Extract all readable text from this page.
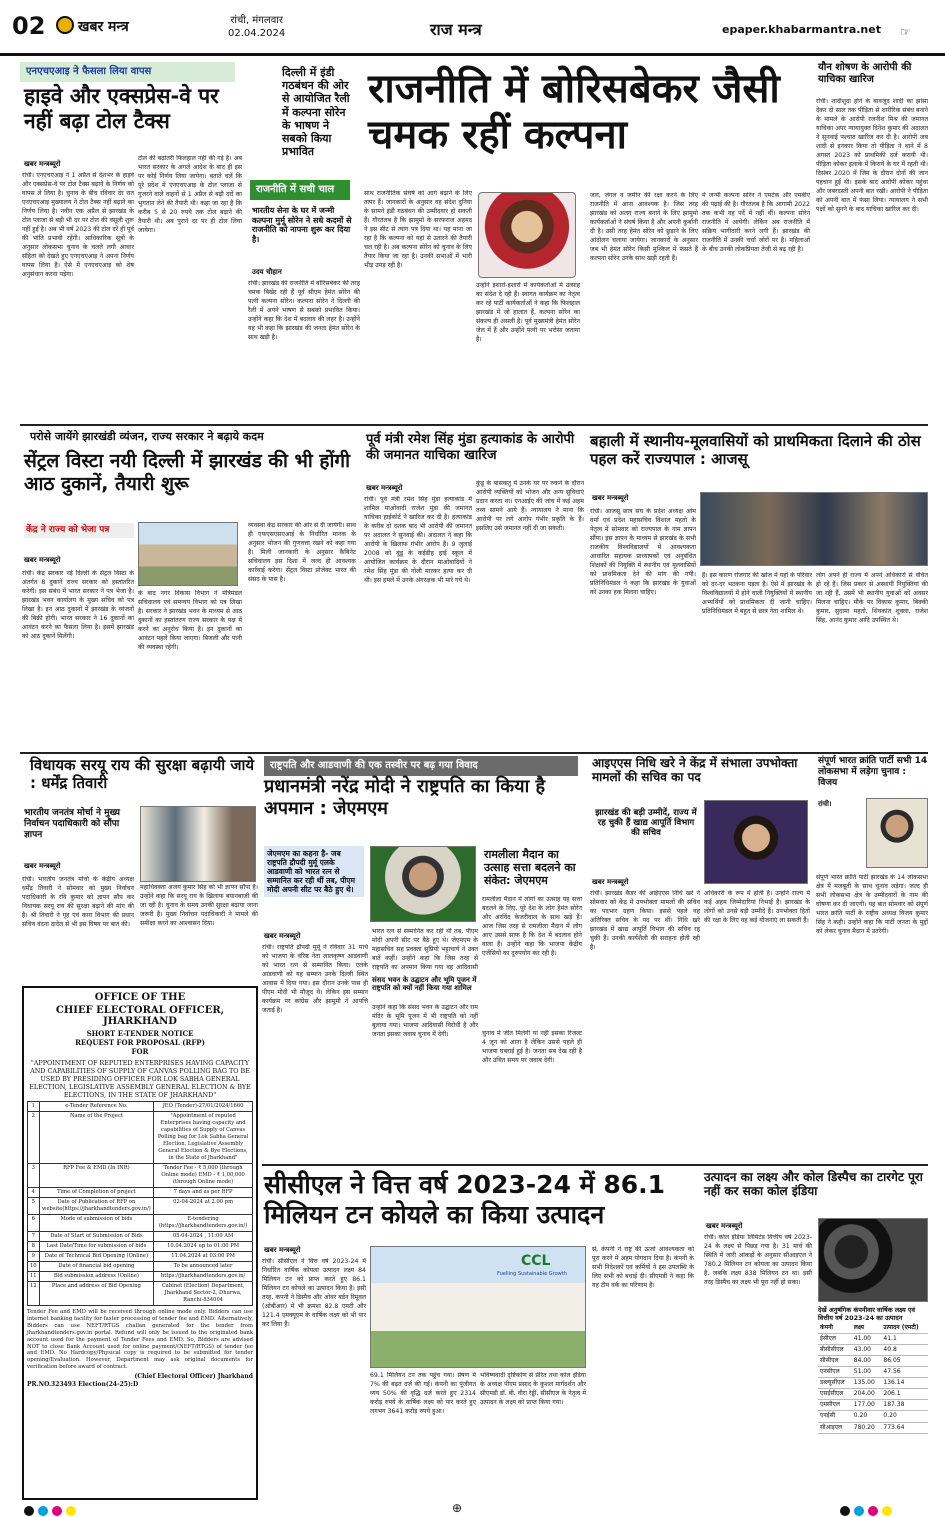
02 खबर मन्त्र	रांची, मंगलवार
02.04.2024	राज मन्त्र	epaper.khabarmantra.net ☞
एनएचएआइ ने फैसला लिया वापस
हाइवे और एक्सप्रेस-वे पर नहीं बढ़ा टोल टैक्स
खबर मन्त्रब्यूरो
रांची। एनएचएआइ ने 1 अप्रैल से देशभर के हाइवे और एक्सप्रेस-वे पर टोल टैक्स बढ़ाने के निर्णय को वापस ले लिया है। चुनाव के बीच रविवार देर रात एनएचएआइ मुख्यालय ने टोल टैक्स नहीं बढ़ाने का निर्णय लिया है। नवीन एक अप्रैल से झारखंड के टोल प्लाजा से बड़ी भी दर पर टोल की वसूली शुरू नहीं हुई है। अब भी वर्ष 2023 की टोल दरें ही पूर्व की भांति प्रभावी रहेंगी। आधिकारिक सूत्रों के अनुसार लोकसभा चुनाव के चलते लगी आचार संहिता को देखते हुए एनएचएआइ ने अपना निर्णय वापस लिया है। ऐसे में एनएचएआइ को शेष अनुसंधान करना पड़ेगा।
टोल की बढ़ोतरी फिलहाल नहीं की गई है। अब भारत सरकार के अगले आदेश के बाद ही इस पर कोई निर्णय लिया जायेगा। बताते चलें कि पूरे प्रदेश में एनएचएआइ के टोल प्लाजा से गुजरने वाले वाहनों से 1 अप्रैल से बढ़ी दरों का भुगतान लेने की तैयारी थी। कहा जा रहा है कि करीब 5 से 20 रुपये तक टोल बढ़ाने की तैयारी थी। अब पुराने दर पर ही टोल लिया जायेगा।
दिल्ली में इंडी गठबंधन की ओर से आयोजित रैली में कल्पना सोरेन के भाषण ने सबको किया प्रभावित
राजनीति में सधी चाल
भारतीय सेना के घर में जन्मी कल्पना मुर्मू सोरेन ने सधे कदमों से राजनीति को नापना शुरू कर दिया है।
उदय चौहान
रांची। झारखंड की राजनीति में बोरिसबेकर की तरह चमक बिखेर रही हैं पूर्व सीएम हेमंत सोरेन की पत्नी कल्पना सोरेन। कल्पना सोरेन ने दिल्ली की रैली में अपने भाषण से सबको प्रभावित किया। उन्होंने कहा कि देश में बदलाव की लहर है। उन्होंने यह भी कहा कि झारखंड की जनता हेमंत सोरेन के साथ खड़ी है।
राजनीति में बोरिसबेकर जैसी चमक रहीं कल्पना
साथ राजनीतिक संघर्ष को आगे बढ़ाने के लिए तत्पर हैं। जानकारों के अनुसार वह संदेश दुनिया के सामने इंडी गठबंधन की उम्मीदवार हो सकती हैं। गौरतलब है कि झामुमो के सरफराज अहमद ने इस सीट से त्याग पत्र दिया था। यह माना जा रहा है कि कल्पना को यहां से उतारने की तैयारी चल रही है। अब कल्पना सोरेन को चुनाव के लिए तैयार किया जा रहा है। उनकी सभाओं में भारी भीड़ उमड़ रही है।
उन्होंने इशारों-इशारों में कार्यकर्ताओं में उत्साह का संदेश दे रही हैं। स्वागत कार्यक्रम का नेतृत्व कर रहे पार्टी कार्यकर्ताओं ने कहा कि फिलहाल झारखंड में जो हालात हैं, कल्पना सोरेन का संकल्प ही असली है। पूर्व मुख्यमंत्री हेमंत सोरेन जेल में हैं और उन्होंने पत्नी पर भरोसा जताया है।
जल, जंगल व जमीन की रक्षा करने के लिए राजनीति में आना आवश्यक है। जिस तरह झारखंड को अलग राज्य बनाने के लिए झामुमो कार्यकर्ताओं ने संघर्ष किया है और अपनी कुर्बानी दी है। उसी तरह हेमंत सोरेन को छुड़ाने के लिए आंदोलन चलाया जायेगा। जानकारों के अनुसार जब भी हेमंत सोरेन किसी मुश्किल में फंसते हैं कल्पना सोरेन उनके साथ खड़ी रहती हैं।
में जन्मी कल्पना सोरेन ने एमटेक और एमबीए की पढ़ाई की है। गौरतलब है कि आगामी 2022 तक कभी वह पर्दे में नहीं थीं। कल्पना सोरेन राजनीति में आयेंगी। लेकिन अब राजनीति में सक्रिय भागीदारी करने लगी हैं। झारखंड की राजनीति में उनकी चर्चा जोरों पर है। महिलाओं के बीच उनकी लोकप्रियता तेजी से बढ़ रही है।
यौन शोषण के आरोपी की याचिका खारिज
रांची। शादीशुदा होने के बावजूद शादी का झांसा देकर दो साल तक पीड़िता से शारीरिक संबंध बनाने के मामले के आरोपी रजनीश मिश्र की जमानत याचिका अपर न्यायायुक्त दिनेश कुमार की अदालत ने सुनवाई पश्चात खारिज कर दी है। आरोपी जब शादी से इनकार किया तो पीड़िता ने थाने में 8 अगस्त 2023 को प्राथमिकी दर्ज करायी थी। पीड़िता कोकर इलाके में किराये के घर में रहती थी। दिसंबर 2020 में जिम के दौरान दोनों की जान पहचान हुई थी। इसके बाद आरोपी कोकर पहुंचा और जबरदस्ती अपनी बात रखी। आरोपी ने पीड़िता को अपनी बात में फंसा लिया। न्यायालय ने सभी पक्षों को सुनने के बाद याचिका खारिज कर दी।
परोसे जायेंगे झारखंडी व्यंजन, राज्य सरकार ने बढ़ाये कदम
सेंट्रल विस्टा नयी दिल्ली में झारखंड की भी होंगी आठ दुकानें, तैयारी शुरू
केंद्र ने राज्य को भेजा पत्र
खबर मन्त्रब्यूरो
रांची। केंद्र सरकार नई दिल्ली के सेंट्रल विस्टा के अंतर्गत 8 दुकानें राज्य सरकार को हस्तांतरित करेगी। इस संबंध में भारत सरकार ने पत्र भेजा है। झारखंड भवन कार्यालय के मुख्य सचिव को पत्र लिखा है। इन आठ दुकानों में झारखंड के व्यंजनों की बिक्री होगी। भारत सरकार ने 16 दुकानों का आवंटन करने का फैसला लिया है। इसमें झारखंड को आठ दुकानें मिलेंगी।
के बाद नगर विकास विभाग ने मंत्रिमंडल सचिवालय एवं समन्वय विभाग को पत्र लिखा है। सरकार ने झारखंड भवन के माध्यम से आठ दुकानों का हस्तांतरण राज्य सरकार के पक्ष में करने का अनुरोध किया है। इन दुकानों का आवंटन पहले किया जाएगा। बिजली और पानी की व्यवस्था रहेगी।
व्यवस्था केंद्र सरकार की ओर से दी जायेगी। साथ ही एफएसएसएआई के निर्धारित मानक के अनुसार भोजन की गुणवत्ता रखने को कहा गया है। मिली जानकारी के अनुसार कैबिनेट सचिवालय इस दिशा में जल्द ही आवश्यक कार्रवाई करेगा। सेंट्रल विस्टा प्रोजेक्ट भारत की संसद के पास है।
पूर्व मंत्री रमेश सिंह मुंडा हत्याकांड के आरोपी की जमानत याचिका खारिज
खबर मन्त्रब्यूरो
रांची। पूर्व मंत्री रमेश सिंह मुंडा हत्याकांड में शामिल माओवादी राजेश मुंडा की जमानत याचिका हाईकोर्ट ने खारिज कर दी है। हत्याकांड के करीब दो दशक बाद भी आरोपी की जमानत पर अदालत ने सुनवाई की। अदालत ने कहा कि आरोपी के खिलाफ गंभीर आरोप हैं। 9 जुलाई 2008 को बुंडू के कईडीह हाई स्कूल में आयोजित कार्यक्रम के दौरान माओवादियों ने रमेश सिंह मुंडा की गोली मारकर हत्या कर दी थी। इस हमले में उनके अंगरक्षक भी मारे गये थे।
कुंडू के बासकतु में उनके घर पर रुकने के दौरान आरोपी व्यक्तियों को भोजन और अन्य सुविधाएं प्रदान करता था। एनआईए की जांच में कई अहम तथ्य सामने आये हैं। न्यायालय ने माना कि आरोपी पर लगे आरोप गंभीर प्रकृति के हैं। इसलिए उसे जमानत नहीं दी जा सकती।
बहाली में स्थानीय-मूलवासियों को प्राथमिकता दिलाने की ठोस पहल करें राज्यपाल : आजसू
खबर मन्त्रब्यूरो
रांची। आजसू छात्र संघ के प्रदेश अध्यक्ष ओम वर्मा एवं प्रदेश महासचिव विशाल महतो के नेतृत्व में सोमवार को राज्यपाल के नाम ज्ञापन सौंपा। इस ज्ञापन के माध्यम से झारखंड के सभी राजकीय विश्वविद्यालयों में आवश्यकता आधारित सहायक प्राध्यापकों एवं अनुबंधित शिक्षकों की नियुक्ति में स्थानीय एवं मूलवासियों को प्राथमिकता देने की मांग की गयी। प्रतिनिधिमंडल ने कहा कि झारखंड के युवाओं को उनका हक मिलना चाहिए।
हैं। इस कारण रोजगार की खोज में यहां के परिवार को दर-दर भटकना पड़ता है। ऐसे में झारखंड के विश्वविद्यालयों में होने वाली नियुक्तियों में स्थानीय अभ्यर्थियों को प्राथमिकता दी जानी चाहिए। प्रतिनिधिमंडल में बहुत से छात्र नेता शामिल थे।
लोग अपने ही राज्य में अपने अधिकारों से वंचित हो रहे हैं। जिस प्रकार से अस्थायी नियुक्तियां की जा रही हैं, उसमें भी स्थानीय युवाओं को अवसर मिलना चाहिए। मौके पर विकास कुमार, बिक्की कुमार, सुदामा महतो, शिवकांत शुक्ला, राजेश सिंह, आनंद कुमार आदि उपस्थित थे।
विधायक सरयू राय की सुरक्षा बढ़ायी जाये : धर्मेंद्र तिवारी
भारतीय जनतंत्र मोर्चा ने मुख्य निर्वाचन पदाधिकारी को सौंपा ज्ञापन
खबर मन्त्रब्यूरो
रांची। भारतीय जनतंत्र मोर्चा के केंद्रीय अध्यक्ष धर्मेंद्र तिवारी ने सोमवार को मुख्य निर्वाचन पदाधिकारी के रवि कुमार को ज्ञापन सौंप कर विधायक सरयू राय की सुरक्षा बढ़ाने की मांग की है। श्री तिवारी ने गृह एवं कारा विभाग की प्रधान सचिव वंदना दादेल से भी इस विषय पर बात की।
महाधिवक्ता अजय कुमार सिंह को भी ज्ञापन सौंपा है। उन्होंने कहा कि सरयू राय के खिलाफ बयानबाजी की जा रही है। चुनाव के समय उनकी सुरक्षा बढ़ाया जाना जरूरी है। मुख्य निर्वाचन पदाधिकारी ने मामले की समीक्षा करने का आश्वासन दिया।
OFFICE OF THE
CHIEF ELECTORAL OFFICER, JHARKHAND
SHORT E-TENDER NOTICE
REQUEST FOR PROPOSAL (RFP)
FOR
"APPOINTMENT OF REPUTED ENTERPRISES HAVING CAPACITY AND CAPABILITIES OF SUPPLY OF CANVAS POLLING BAG TO BE USED BY PRESIDING OFFICER FOR LOK SABHA GENERAL ELECTION, LEGISLATIVE ASSEMBLY GENERAL ELECTION & BYE ELECTIONS, IN THE STATE OF JHARKHAND"
1	e-Tender Reference No.	JEO (Tender)-27/01/2024/1660
2	Name of the Project	"Appointment of reputed Enterprises having capacity and capabilities of Supply of Canvas Polling bag for Lok Sabha General Election, Legislative Assembly General Election & Bye Elections, in the State of Jharkhand"
3	RFP Fee & EMD (In INR)	Tender Fee - ₹ 5,000 (through Online mode) EMD - ₹ 1,00,000 (through Online mode)
4	Time of Completion of project	7 days and as per RFP
5	Date of Publication of RFP on website(https://jharkhandtenders.gov.in/)	02-04-2024 at 2.00 pm
6	Mode of submission of bids	E-tendering (https://jharkhandtenders.gov.in/)
7	Date of Start of Submission of Bids	05-04-2024 , 11:00 AM
8	Last Date/Time for submission of bids	10.04.2024 up to 01:00 PM
9	Date of Technical Bid Opening (Online)	11.04.2024 at 03:00 PM
10	Date of financial bid opening	To be announced later
11	Bid submission address (Online)	https://jharkhandtenders.gov.in/
12	Place and address of Bid Opening	Cabinet (Election) Department, Jharkhand Sector-2, Dhurwa, Ranchi-834004
Tender Fee and EMD will be received through online mode only. Bidders can use internet banking facility for faster processing of tender fee and EMD. Alternatively, Bidders can use NEFT/RTGS challan generated for the tender from jharkhandtenders.gov.in portal. Refund will only be issued to the originated bank account used for the payment of Tender Fees and EMD. So, Bidders are advised NOT to close Bank Account used for online payment/(NEFT/RTGS) of tender fee and EMD. No Hardcopy/Physical copy is required to be submitted for tender opening/Evaluation. However, Department may ask original documents for verification before award of contract.
(Chief Electoral Officer) Jharkhand
PR.NO.323493 Election(24-25):D
राष्ट्रपति और आडवाणी की एक तस्वीर पर बढ़ गया विवाद
प्रधानमंत्री नरेंद्र मोदी ने राष्ट्रपति का किया है अपमान : जेएमएम
जेएमएम का कहना है- जब राष्ट्रपति द्रौपदी मुर्मू एलके आडवाणी को भारत रत्न से सम्मानित कर रही थीं तब, पीएम मोदी अपनी सीट पर बैठे हुए थे।
खबर मन्त्रब्यूरो
रांची। राष्ट्रपति द्रौपदी मुर्मू ने रविवार 31 मार्च को भाजपा के वरिष्ठ नेता लालकृष्ण आडवाणी को भारत रत्न से सम्मानित किया। एलके आडवाणी को यह सम्मान उनके दिल्ली स्थित आवास में दिया गया। इस दौरान उनके पास ही पीएम मोदी भी मौजूद थे। लेकिन इस सम्मान कार्यक्रम पर कांग्रेस और झामुमो ने आपत्ति जताई है।
भारत रत्न से सम्मानित कर रही थीं तब, पीएम मोदी अपनी सीट पर बैठे हुए थे। जेएमएम के महासचिव सह प्रवक्ता सुप्रियो भट्टाचार्य ने उक्त बातें कहीं। उन्होंने कहा कि जिस तरह से राष्ट्रपति का अपमान किया गया वह आदिवासी
संसद भवन के उद्घाटन और भूमि पूजन में राष्ट्रपति को क्यों नहीं किया गया शामिल
उन्होंने कहा कि संसद भवन के उद्घाटन और राम मंदिर के भूमि पूजन में भी राष्ट्रपति को नहीं बुलाया गया। भाजपा आदिवासी विरोधी है और जनता इसका जवाब चुनाव में देगी।
रामलीला मैदान का उत्साह सत्ता बदलने का संकेत: जेएमएम
रामलीला मैदान में लोगों का उत्साह यह सत्ता बदलने के लिए, पूरे देश के लोग हेमंत सोरेन और अरविंद केजरीवाल के साथ खड़े हैं। आज जिस तरह से रामलीला मैदान में लोग आए उससे साफ है कि देश में बदलाव होने वाला है। उन्होंने कहा कि भाजपा केंद्रीय एजेंसियों का दुरुपयोग कर रही है।
चुनाव में जीत मिलेगी या नहीं इसका रिजल्ट 4 जून को आना है लेकिन उससे पहले ही भाजपा घबराई हुई है। जनता सब देख रही है और उचित समय पर जवाब देगी।
आइएएस निधि खरे ने केंद्र में संभाला उपभोक्ता मामलों की सचिव का पद
झारखंड की बड़ी उम्मीदें, राज्य में रह चुकी हैं खाद्य आपूर्ति विभाग की सचिव
खबर मन्त्रब्यूरो
रांची। झारखंड कैडर की आईएएस निधि खरे ने सोमवार को केंद्र में उपभोक्ता मामलों की सचिव का पदभार ग्रहण किया। इससे पहले वह अतिरिक्त सचिव के पद पर थीं। निधि खरे झारखंड में खाद्य आपूर्ति विभाग की सचिव रह चुकी हैं। उनकी कार्यशैली की सराहना होती रही है।
अधिकारी के रूप में होती है। उन्होंने राज्य में कई अहम जिम्मेदारियां निभाई हैं। झारखंड के लोगों को उनसे बड़ी उम्मीदें हैं। उपभोक्ता हितों की रक्षा के लिए वह कई योजनाएं ला सकती हैं।
संपूर्ण भारत क्रांति पार्टी सभी 14 लोकसभा में लड़ेगा चुनाव : विजय
रांची।
संपूर्ण भारत क्रांति पार्टी झारखंड के 14 लोकसभा क्षेत्र में मजबूती के साथ चुनाव लड़ेगा। जल्द ही सभी लोकसभा क्षेत्र के उम्मीदवारों के नाम की घोषणा कर दी जाएगी। यह बात सोमवार को संपूर्ण भारत क्रांति पार्टी के राष्ट्रीय अध्यक्ष विजय कुमार सिंह ने कही। उन्होंने कहा कि पार्टी जनता के मुद्दों को लेकर चुनाव मैदान में उतरेगी।
सीसीएल ने वित्त वर्ष 2023-24 में 86.1 मिलियन टन कोयले का किया उत्पादन
खबर मन्त्रब्यूरो
रांची। सीसीएल ने वित्त वर्ष 2023-24 में निर्धारित वार्षिक कोयला उत्पादन लक्ष्य 84 मिलियन टन को प्राप्त करते हुए 86.1 मिलियन टन कोयले का उत्पादन किया है। इसी तरह, कंपनी ने डिस्पैच और ओवर बर्डन रिमूवल (ओबीआर) में भी क्रमशः 82.8 एमटी और 121.4 एमक्यूएम के वार्षिक लक्ष्य को भी पार कर लिया है।
CCL
Fuelling Sustainable Growth
69.1 मिलियन टन तक पहुंच गया। प्रेषण में 7% की बढ़त दर्ज की गई। कंपनी का पूंजीगत व्यय 50% की वृद्धि दर्ज करते हुए 2314 करोड़ रुपये के वार्षिक लक्ष्य को पार करते हुए लगभग 3641 करोड़ रुपये हुआ।
भविष्यवादी दृष्टिकोण से प्रेरित तथा कोल इंडिया के अध्यक्ष पीएम प्रसाद के कुशल मार्गदर्शन और सीएमडी डॉ. बी. वीरा रेड्डी, सीसीएल के नेतृत्व में उत्पादन के लक्ष्य को प्राप्त किया गया।
से, कंपनी ने राष्ट्र की ऊर्जा आवश्यकता को पूरा करने में अहम योगदान दिया है। कंपनी के सभी निदेशकों एवं कर्मियों ने इस उपलब्धि के लिए सभी को बधाई दी। सीएमडी ने कहा कि यह टीम वर्क का परिणाम है।
उत्पादन का लक्ष्य और कोल डिस्पैच का टारगेट पूरा नहीं कर सका कोल इंडिया
खबर मन्त्रब्यूरो
रांची। कोल इंडिया लिमिटेड वित्तीय वर्ष 2023-24 के लक्ष्य से पिछड़ गया है। 31 मार्च की स्थिति में जारी आंकड़ों के अनुसार सीआइएल ने 780.2 मिलियन टन कोयला का उत्पादन किया है, जबकि लक्ष्य 838 मिलियन टन था। इसी तरह डिस्पैच का लक्ष्य भी पूरा नहीं हो सका।
देखें अनुषंगिक कंपनीवार वार्षिक लक्ष्य एवं वित्तीय वर्ष 2023-24 का उत्पादन
कंपनी	लक्ष्य	उत्पादन (एमटी)
ईसीएल	41.00	41.1
बीसीसीएल	43.00	40.8
सीसीएल	84.00	86.05
एनसीएल	51.00	47.56
डब्ल्यूसीएल	135.00	136.14
एसईसीएल	204.00	206.1
एमसीएल	177.00	187.38
एनईसी	0.20	0.20
सीआइएल	780.20	773.64
⊕
